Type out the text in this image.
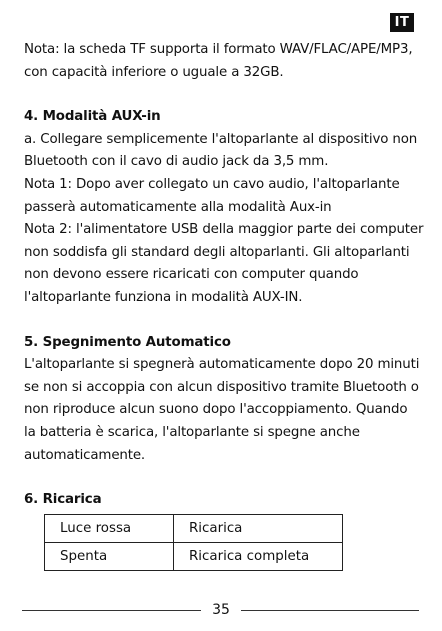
IT

Nota: la scheda TF supporta il formato WAV/FLAC/APE/MP3,

con capacità inferiore o uguale a 32GB.

4. Modalità AUX-in

a. Collegare semplicemente l'altoparlante al dispositivo non

Bluetooth con il cavo di audio jack da 3,5 mm.

Nota 1: Dopo aver collegato un cavo audio, l'altoparlante

passerà automaticamente alla modalità Aux-in

Nota 2: l'alimentatore USB della maggior parte dei computer

non soddisfa gli standard degli altoparlanti. Gli altoparlanti

non devono essere ricaricati con computer quando

l'altoparlante funziona in modalità AUX-IN.

5. Spegnimento Automatico

L'altoparlante si spegnerà automaticamente dopo 20 minuti

se non si accoppia con alcun dispositivo tramite Bluetooth o

non riproduce alcun suono dopo l'accoppiamento. Quando

la batteria è scarica, l'altoparlante si spegne anche

automaticamente.

6. Ricarica

Luce rossa	Ricarica
Spenta	Ricarica completa
35
